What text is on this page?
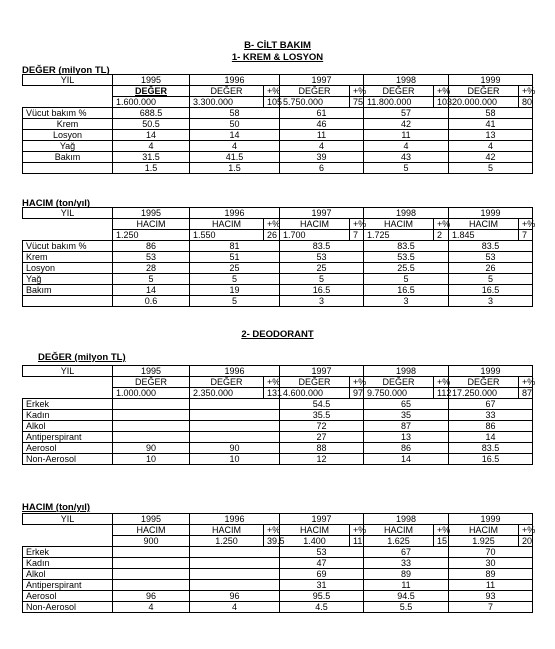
B- CİLT BAKIM
1- KREM & LOSYON
2- DEODORANT
DEĞER (milyon TL)
HACIM (ton/yıl)
DEĞER (milyon TL)
HACIM (ton/yıl)
YIL	1995	1996		1997		1998		1999	
	DEĞER	DEĞER	+%	DEĞER	+%	DEĞER	+%	DEĞER	+%
	1.600.000	3.300.000	105	5.750.000	75	11.800.000	103	20.000.000	80
Vücut bakım %	688.5	58		61		57		58	
Krem	50.5	50		46		42		41	
Losyon	14	14		11		11		13	
Yağ	4	4		4		4		4	
Bakım	31.5	41.5		39		43		42	
	1.5	1.5		6		5		5	
YIL	1995	1996		1997		1998		1999	
	HACIM	HACIM	+%	HACIM	+%	HACIM	+%	HACIM	+%
	1.250	1.550	26	1.700	7	1.725	2	1.845	7
Vücut bakım %	86	81		83.5		83.5		83.5	
Krem	53	51		53		53.5		53	
Losyon	28	25		25		25.5		26	
Yağ	5	5		5		5		5	
Bakım	14	19		16.5		16.5		16.5	
	0.6	5		3		3		3	
YIL	1995	1996		1997		1998		1999	
	DEĞER	DEĞER	+%	DEĞER	+%	DEĞER	+%	DEĞER	+%
	1.000.000	2.350.000	131	4.600.000	97	9.750.000	112	17.250.000	87
Erkek				54.5		65		67	
Kadın				35.5		35		33	
Alkol				72		87		86	
Antiperspirant				27		13		14	
Aerosol	90	90		88		86		83.5	
Non-Aerosol	10	10		12		14		16.5	
YIL	1995	1996		1997		1998		1999	
	HACIM	HACIM	+%	HACIM	+%	HACIM	+%	HACIM	+%
	900	1.250	39.5	1.400	11	1.625	15	1.925	20
Erkek				53		67		70	
Kadın				47		33		30	
Alkol				69		89		89	
Antiperspirant				31		11		11	
Aerosol	96	96		95.5		94.5		93	
Non-Aerosol	4	4		4.5		5.5		7	
